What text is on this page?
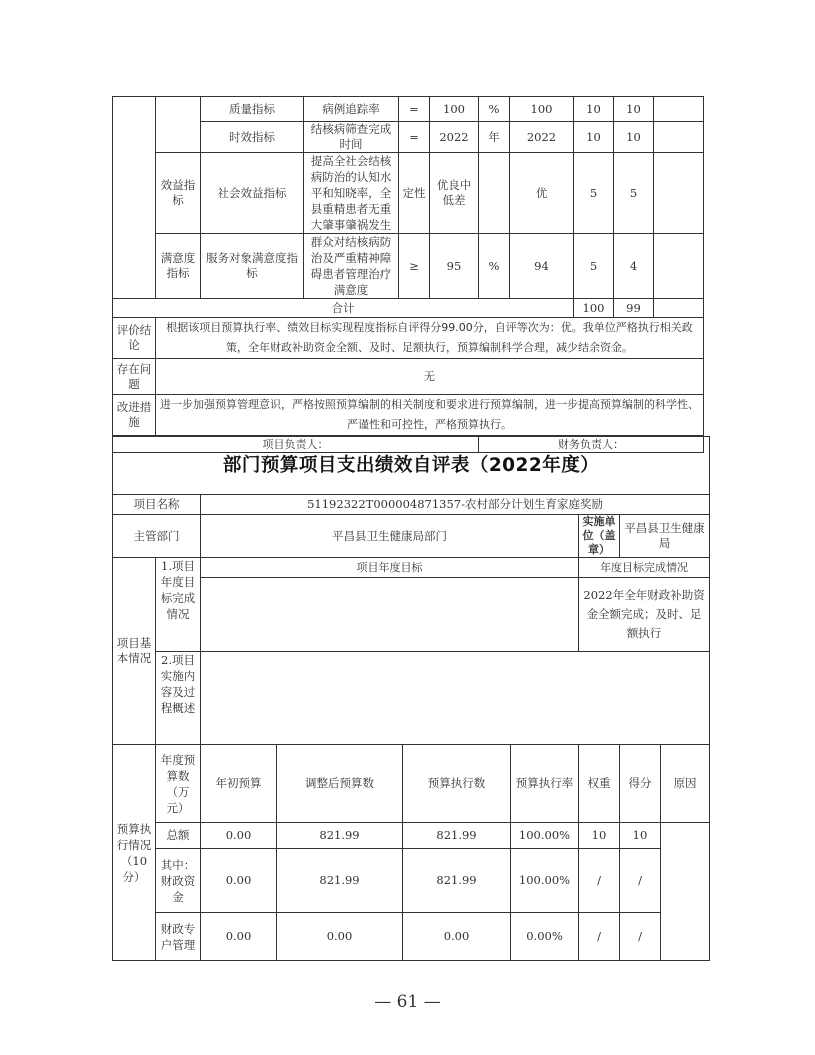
		质量指标	病例追踪率	=	100	%	100	10	10	
		时效指标	结核病筛查完成时间	=	2022	年	2022	10	10	
	效益指标	社会效益指标	提高全社会结核病防治的认知水平和知晓率，全县重精患者无重大肇事肇祸发生	定性	优良中低差		优	5	5	
	满意度指标	服务对象满意度指标	群众对结核病防治及严重精神障碍患者管理治疗满意度	≥	95	%	94	5	4	
合计								100	99	
评价结论	根据该项目预算执行率、绩效目标实现程度指标自评得分99.00分，自评等次为：优。我单位严格执行相关政策，全年财政补助资金全额、及时、足额执行，预算编制科学合理，减少结余资金。									
存在问题	无									
改进措施	进一步加强预算管理意识，严格按照预算编制的相关制度和要求进行预算编制，进一步提高预算编制的科学性、严谨性和可控性，严格预算执行。									
项目负责人：						财务负责人：				
部门预算项目支出绩效自评表（2022年度）								
项目名称		51192322T000004871357-农村部分计划生育家庭奖励						
主管部门		平昌县卫生健康局部门				实施单位（盖章）	平昌县卫生健康局	
项目基本情况	1.项目年度目标完成情况	项目年度目标				年度目标完成情况		
						2022年全年财政补助资金全额完成；及时、足额执行		
	2.项目实施内容及过程概述							

预算执行情况（10分）	年度预算数（万元）	年初预算	调整后预算数	预算执行数	预算执行率	权重	得分	原因
	总额	0.00	821.99	821.99	100.00%	10	10	
	其中：财政资金	0.00	821.99	821.99	100.00%	/	/	
	财政专户管理	0.00	0.00	0.00	0.00%	/	/	
— 61 —
